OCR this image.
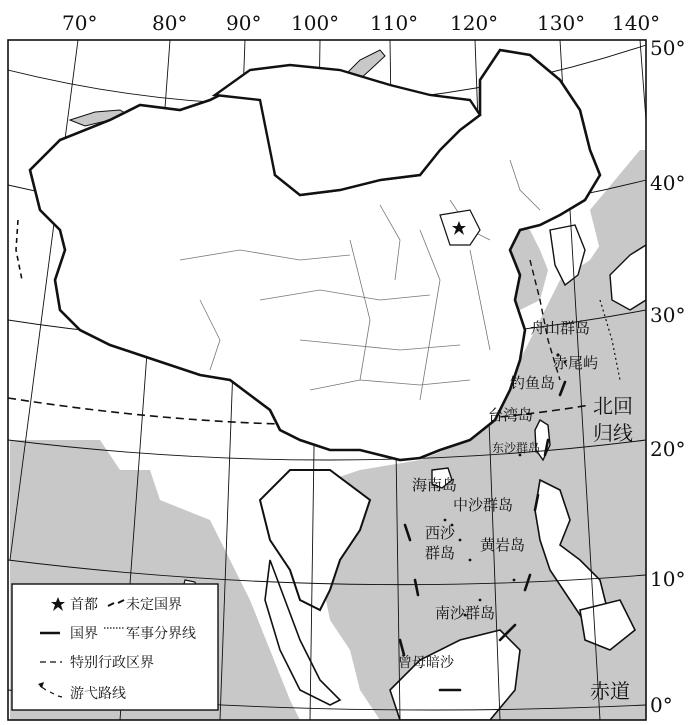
70°	80° 90° 100° 110° 120° 130° 140°
50°
40°
30°
20°
10°
0°
舟山群岛
赤尾屿
钓鱼岛
台湾岛
东沙群岛
海南岛
中沙群岛
西沙
群岛 黄岩岛
南沙群岛
曾母暗沙
北回
归线
赤道
首都 未定国界
国界 军事分界线
特别行政区界
游弋路线
